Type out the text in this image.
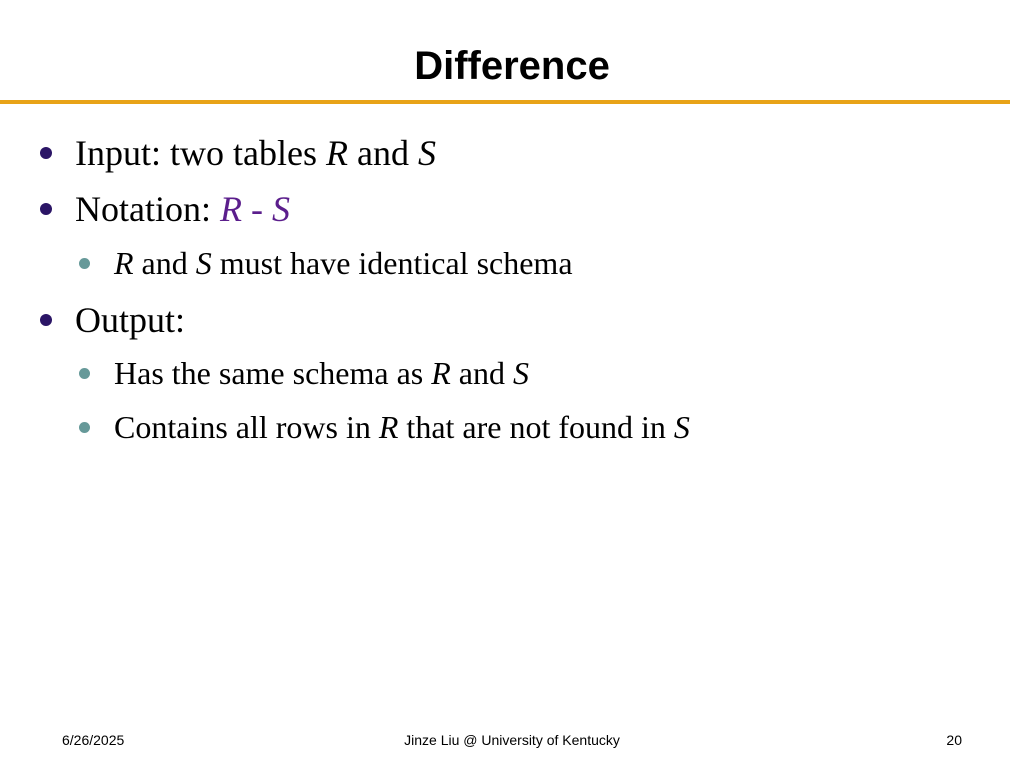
Difference
Input: two tables R and S
Notation: R - S
R and S must have identical schema
Output:
Has the same schema as R and S
Contains all rows in R that are not found in S
6/26/2025	Jinze Liu @ University of Kentucky	20
